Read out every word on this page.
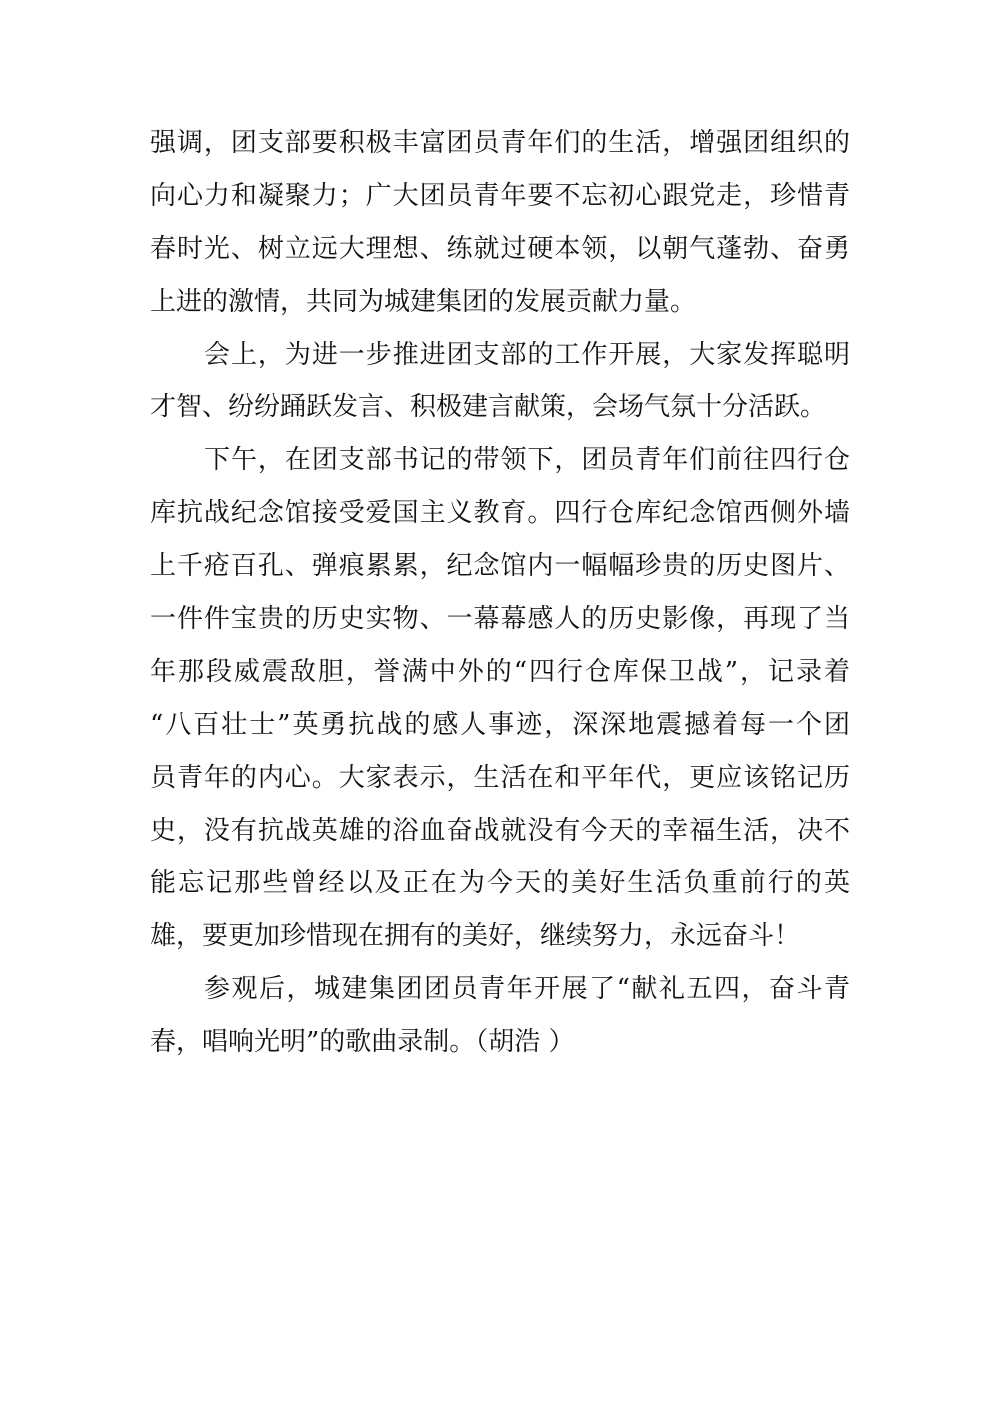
强调，团支部要积极丰富团员青年们的生活，增强团组织的
向心力和凝聚力；广大团员青年要不忘初心跟党走，珍惜青
春时光、树立远大理想、练就过硬本领，以朝气蓬勃、奋勇
上进的激情，共同为城建集团的发展贡献力量。
会上，为进一步推进团支部的工作开展，大家发挥聪明
才智、纷纷踊跃发言、积极建言献策，会场气氛十分活跃。
下午，在团支部书记的带领下，团员青年们前往四行仓
库抗战纪念馆接受爱国主义教育。四行仓库纪念馆西侧外墙
上千疮百孔、弹痕累累，纪念馆内一幅幅珍贵的历史图片、
一件件宝贵的历史实物、一幕幕感人的历史影像，再现了当
年那段威震敌胆，誉满中外的“四行仓库保卫战”，记录着
“八百壮士”英勇抗战的感人事迹，深深地震撼着每一个团
员青年的内心。大家表示，生活在和平年代，更应该铭记历
史，没有抗战英雄的浴血奋战就没有今天的幸福生活，决不
能忘记那些曾经以及正在为今天的美好生活负重前行的英
雄，要更加珍惜现在拥有的美好，继续努力，永远奋斗！
参观后，城建集团团员青年开展了“献礼五四，奋斗青
春，唱响光明”的歌曲录制。（胡浩 ）
